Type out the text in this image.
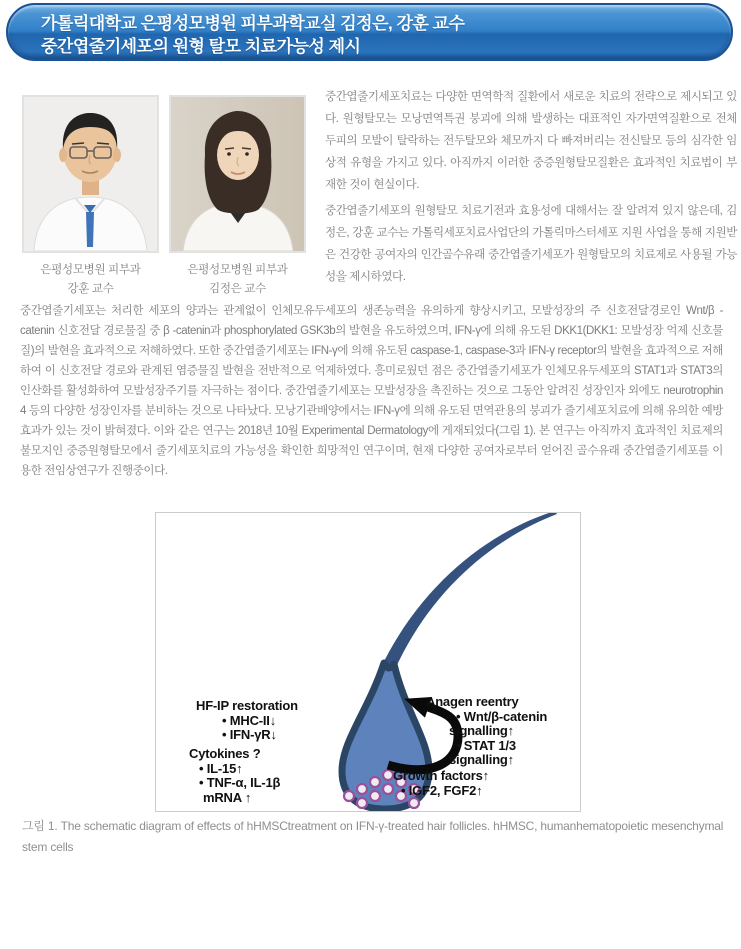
가톨릭대학교 은평성모병원 피부과학교실 김정은, 강훈 교수
중간엽줄기세포의 원형 탈모 치료가능성 제시
은평성모병원 피부과
강훈 교수
은평성모병원 피부과
김정은 교수

중간엽줄기세포치료는 다양한 면역학적 질환에서 새로운 치료의 전략으로 제시되고 있다. 원형탈모는 모낭면역특권 붕괴에 의해 발생하는 대표적인 자가면역질환으로 전체 두피의 모발이 탈락하는 전두탈모와 체모까지 다 빠져버리는 전신탈모 등의 심각한 임상적 유형을 가지고 있다. 아직까지 이러한 중증원형탈모질환은 효과적인 치료법이 부재한 것이 현실이다.

중간엽줄기세포의 원형탈모 치료기전과 효용성에 대해서는 잘 알려져 있지 않은데, 김정은, 강훈 교수는 가톨릭세포치료사업단의 가톨릭마스터세포 지원 사업을 통해 지원받은 건강한 공여자의 인간골수유래 중간엽줄기세포가 원형탈모의 치료제로 사용될 가능성을 제시하였다.

중간엽줄기세포는 처리한 세포의 양과는 관계없이 인체모유두세포의 생존능력을 유의하게 향상시키고, 모발성장의 주 신호전달경로인 Wnt/β -catenin 신호전달 경로물질 중 β -catenin과 phosphorylated GSK3b의 발현을 유도하였으며, IFN-γ에 의해 유도된 DKK1(DKK1: 모발성장 억제 신호물질)의 발현을 효과적으로 저해하였다. 또한 중간엽줄기세포는 IFN-γ에 의해 유도된 caspase-1, caspase-3과 IFN-γ receptor의 발현을 효과적으로 저해하여 이 신호전달 경로와 관계된 염증물질 발현을 전반적으로 억제하였다. 흥미로웠던 점은 중간엽줄기세포가 인체모유두세포의 STAT1과 STAT3의 인산화를 활성화하여 모발성장주기를 자극하는 점이다. 중간엽줄기세포는 모발성장을 촉진하는 것으로 그동안 알려진 성장인자 외에도 neurotrophin 4 등의 다양한 성장인자를 분비하는 것으로 나타났다. 모낭기관배양에서는 IFN-γ에 의해 유도된 면역관용의 붕괴가 줄기세포치료에 의해 유의한 예방효과가 있는 것이 밝혀졌다. 이와 같은 연구는 2018년 10월 Experimental Dermatology에 게재되었다(그림 1). 본 연구는 아직까지 효과적인 치료제의 불모지인 중증원형탈모에서 줄기세포치료의 가능성을 확인한 희망적인 연구이며, 현재 다양한 공여자로부터 얻어진 골수유래 중간엽줄기세포를 이용한 전임상연구가 진행중이다.

HF-IP restoration
• MHC-II↓
• IFN-γR↓
Cytokines ?
• IL-15↑
• TNF-α, IL-1β
mRNA ↑
Anagen reentry
• Wnt/β-catenin
signalling↑
• STAT 1/3
signalling↑
Growth factors↑
• IGF2, FGF2↑
그림 1. The schematic diagram of effects of hHMSCtreatment on IFN-γ-treated hair follicles. hHMSC, humanhematopoietic mesenchymal stem cells
